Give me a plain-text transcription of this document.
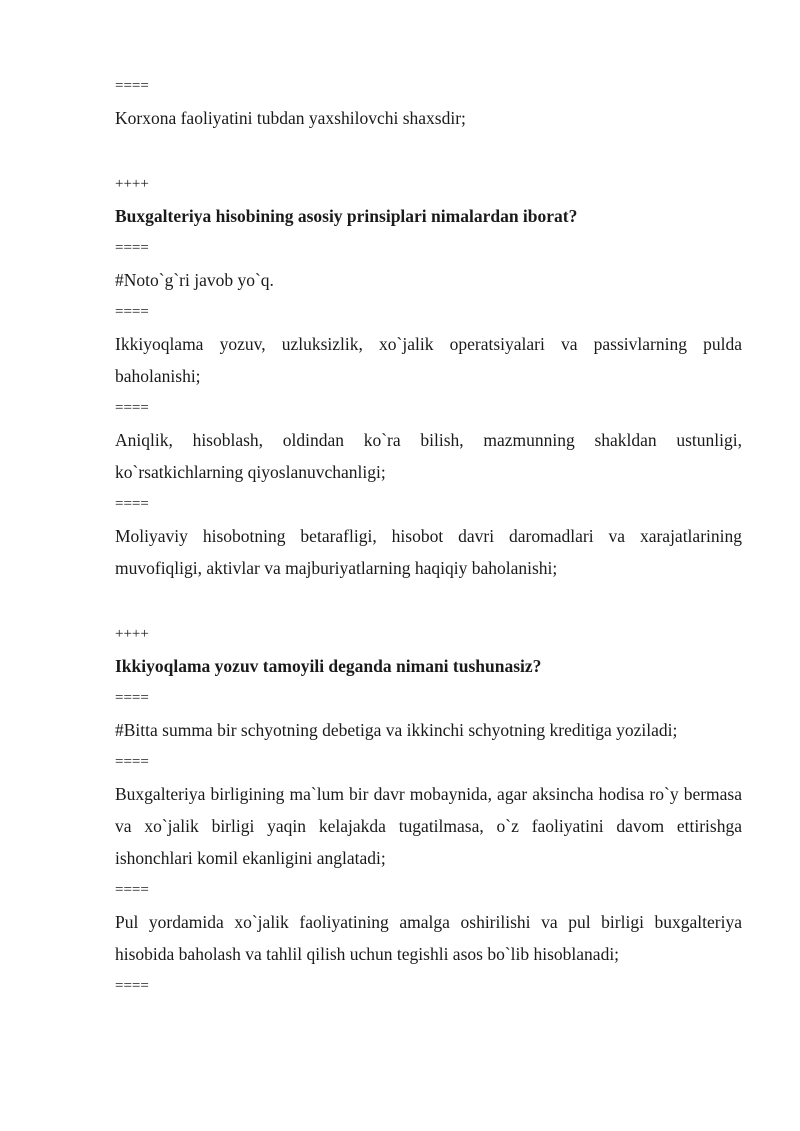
====

Korxona faoliyatini tubdan yaxshilovchi shaxsdir;

++++

Buxgalteriya hisobining asosiy prinsiplari nimalardan iborat?

====

#Noto`g`ri javob yo`q.

====

Ikkiyoqlama yozuv, uzluksizlik, xo`jalik operatsiyalari va passivlarning pulda baholanishi;

====

Aniqlik, hisoblash, oldindan ko`ra bilish, mazmunning shakldan ustunligi, ko`rsatkichlarning qiyoslanuvchanligi;

====

Moliyaviy hisobotning betarafligi, hisobot davri daromadlari va xarajatlarining muvofiqligi, aktivlar va majburiyatlarning haqiqiy baholanishi;

++++

Ikkiyoqlama yozuv tamoyili deganda nimani tushunasiz?

====

#Bitta summa bir schyotning debetiga va ikkinchi schyotning kreditiga yoziladi;

====

Buxgalteriya birligining ma`lum bir davr mobaynida, agar aksincha hodisa ro`y bermasa va xo`jalik birligi yaqin kelajakda tugatilmasa, o`z faoliyatini davom ettirishga ishonchlari komil ekanligini anglatadi;

====

Pul yordamida xo`jalik faoliyatining amalga oshirilishi va pul birligi buxgalteriya hisobida baholash va tahlil qilish uchun tegishli asos bo`lib hisoblanadi;

====
